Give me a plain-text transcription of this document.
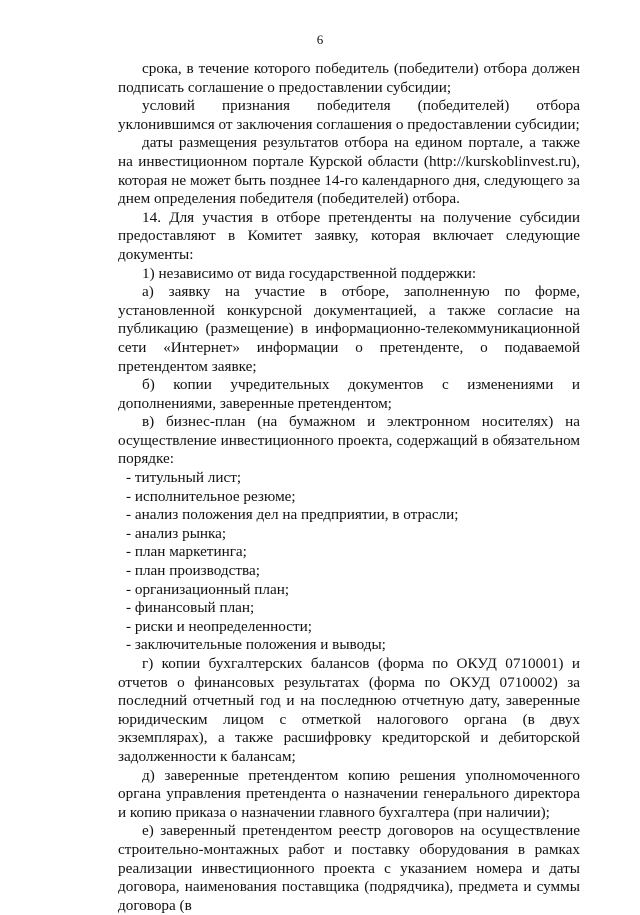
6

срока, в течение которого победитель (победители) отбора должен подписать соглашение о предоставлении субсидии;

условий признания победителя (победителей) отбора уклонившимся от заключения соглашения о предоставлении субсидии;

даты размещения результатов отбора на едином портале, а также на инвестиционном портале Курской области (http://kurskoblinvest.ru), которая не может быть позднее 14-го календарного дня, следующего за днем определения победителя (победителей) отбора.

14. Для участия в отборе претенденты на получение субсидии предоставляют в Комитет заявку, которая включает следующие документы:

1) независимо от вида государственной поддержки:

а) заявку на участие в отборе, заполненную по форме, установленной конкурсной документацией, а также согласие на публикацию (размещение) в информационно-телекоммуникационной сети «Интернет» информации о претенденте, о подаваемой претендентом заявке;

б) копии учредительных документов с изменениями и дополнениями, заверенные претендентом;

в) бизнес-план (на бумажном и электронном носителях) на осуществление инвестиционного проекта, содержащий в обязательном порядке:

- титульный лист;

- исполнительное резюме;

- анализ положения дел на предприятии, в отрасли;

- анализ рынка;

- план маркетинга;

- план производства;

- организационный план;

- финансовый план;

- риски и неопределенности;

- заключительные положения и выводы;

г) копии бухгалтерских балансов (форма по ОКУД 0710001) и отчетов о финансовых результатах (форма по ОКУД 0710002) за последний отчетный год и на последнюю отчетную дату, заверенные юридическим лицом с отметкой налогового органа (в двух экземплярах), а также расшифровку кредиторской и дебиторской задолженности к балансам;

д) заверенные претендентом копию решения уполномоченного органа управления претендента о назначении генерального директора и копию приказа о назначении главного бухгалтера (при наличии);

е) заверенный претендентом реестр договоров на осуществление строительно-монтажных работ и поставку оборудования в рамках реализации инвестиционного проекта с указанием номера и даты договора, наименования поставщика (подрядчика), предмета и суммы договора (в
